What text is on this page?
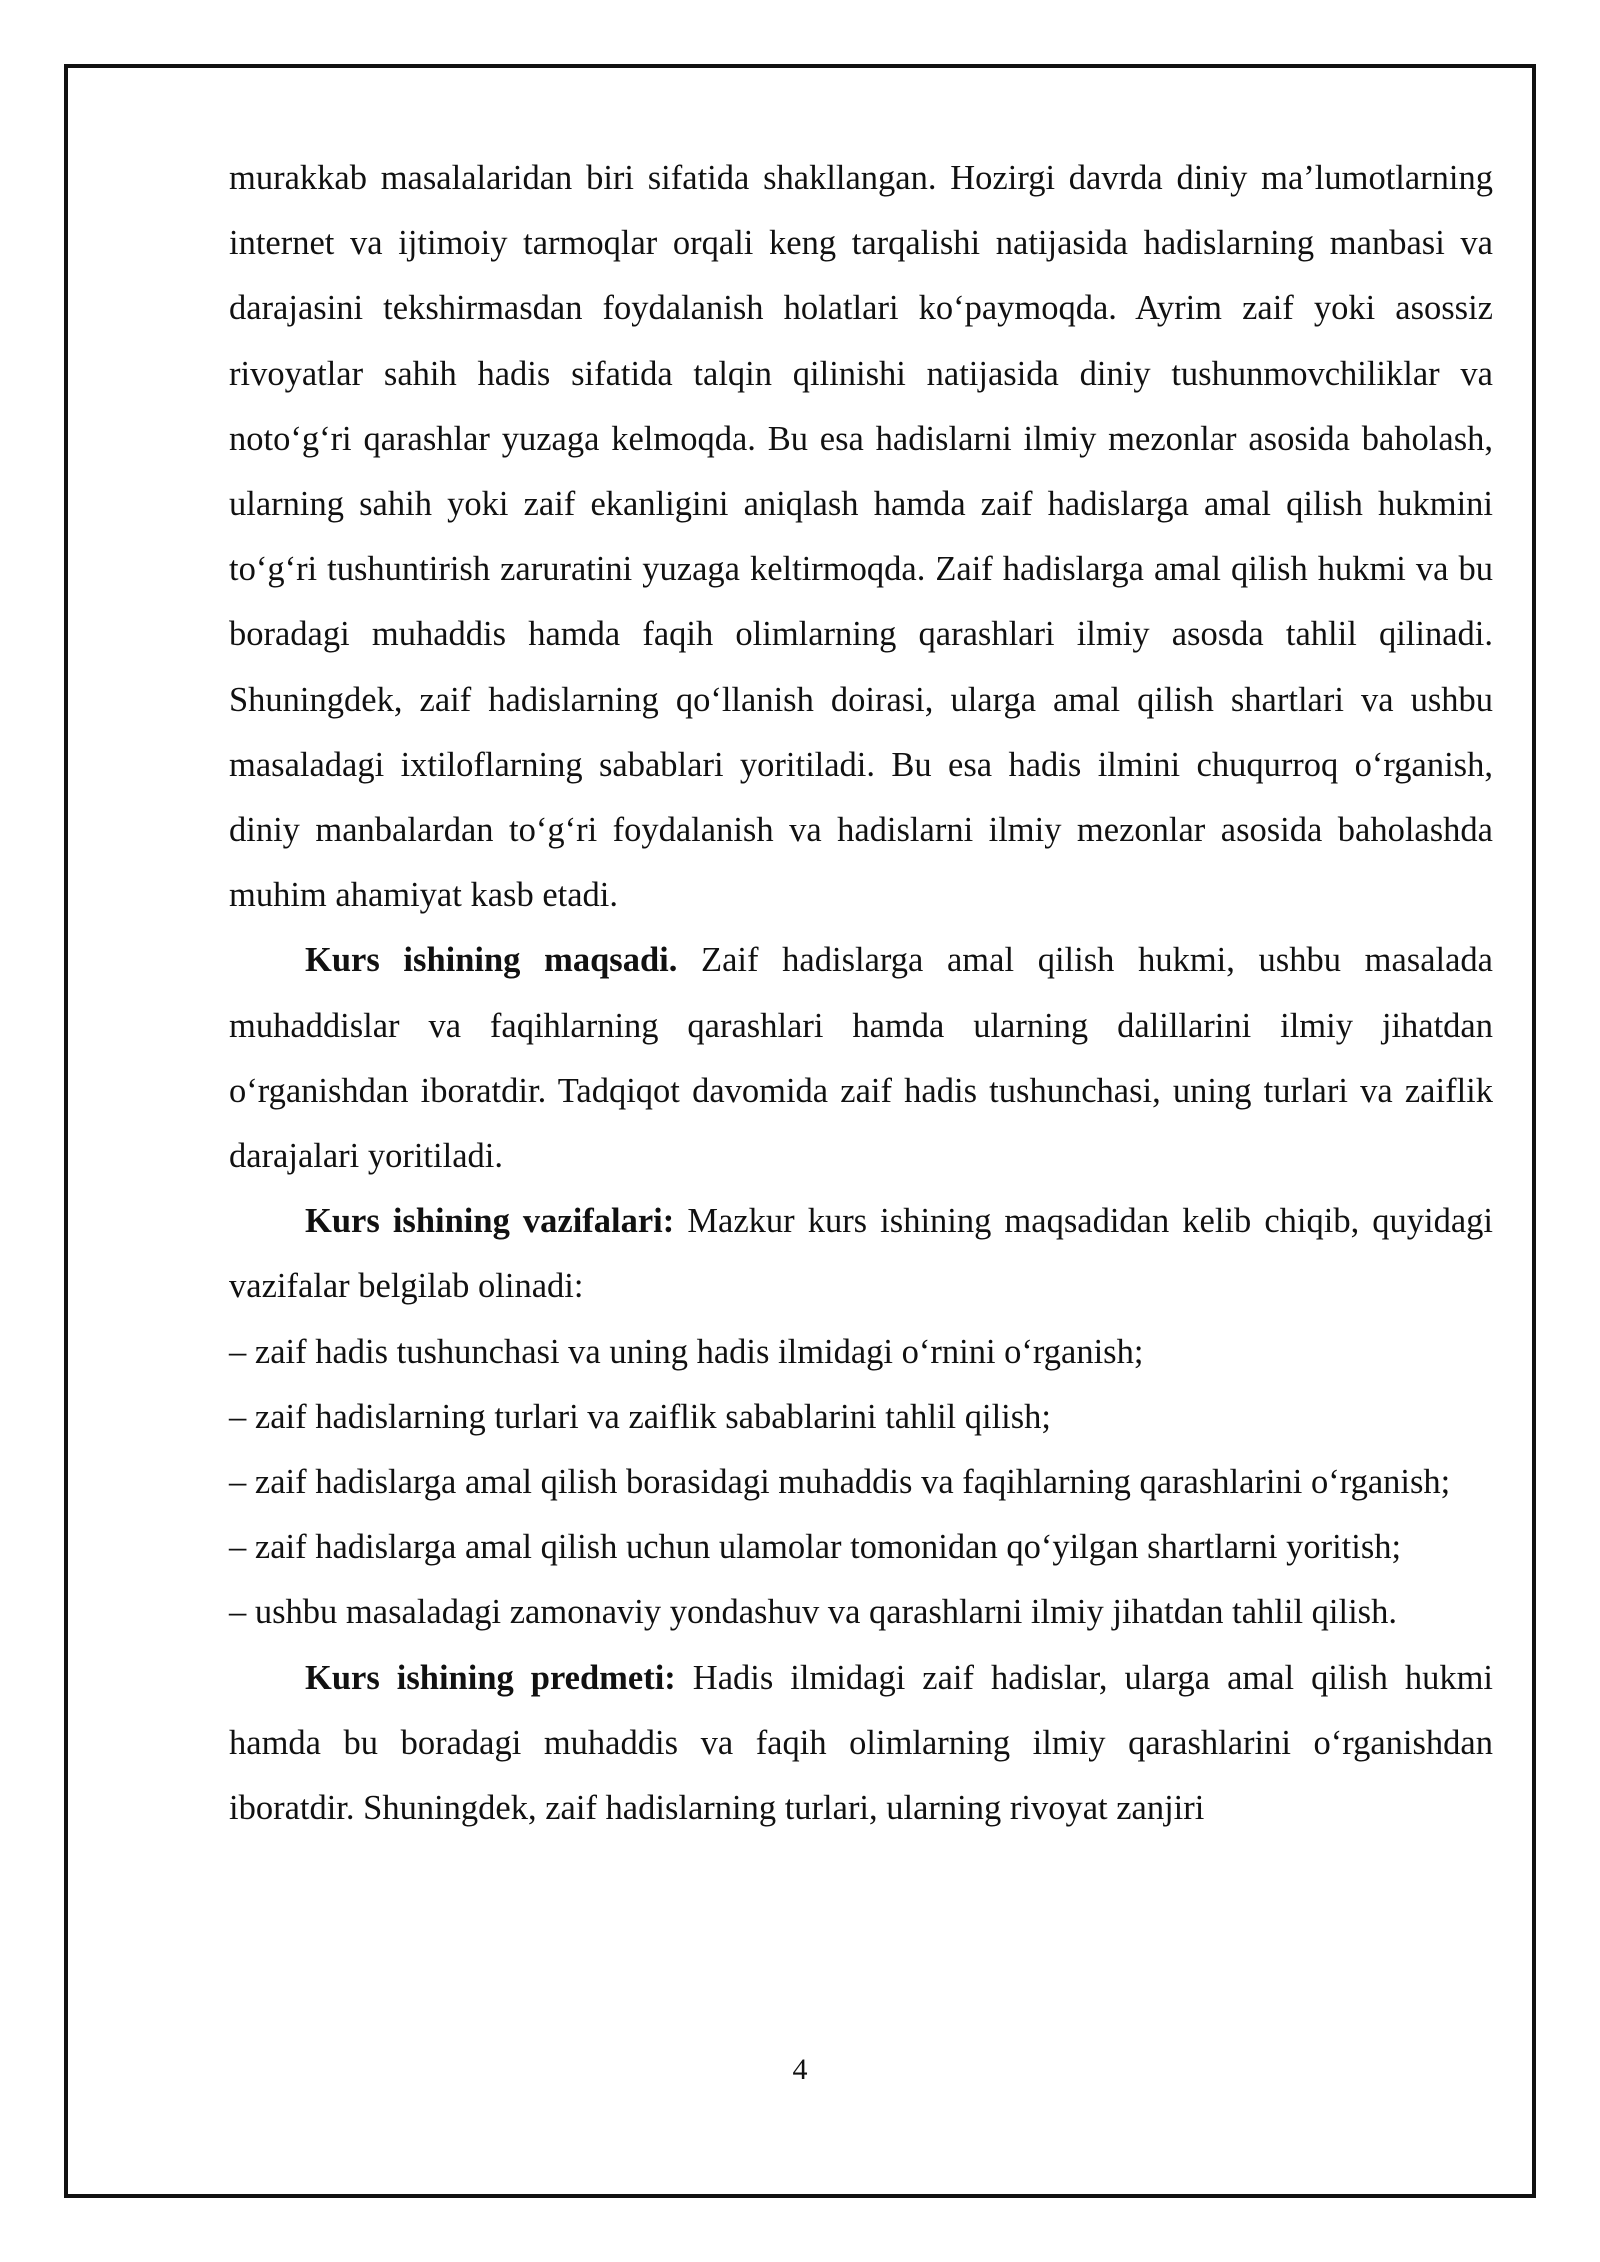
murakkab masalalaridan biri sifatida shakllangan. Hozirgi davrda diniy ma’lumotlarning internet va ijtimoiy tarmoqlar orqali keng tarqalishi natijasida hadislarning manbasi va darajasini tekshirmasdan foydalanish holatlari koʻpaymoqda. Ayrim zaif yoki asossiz rivoyatlar sahih hadis sifatida talqin qilinishi natijasida diniy tushunmovchiliklar va notoʻgʻri qarashlar yuzaga kelmoqda. Bu esa hadislarni ilmiy mezonlar asosida baholash, ularning sahih yoki zaif ekanligini aniqlash hamda zaif hadislarga amal qilish hukmini toʻgʻri tushuntirish zaruratini yuzaga keltirmoqda. Zaif hadislarga amal qilish hukmi va bu boradagi muhaddis hamda faqih olimlarning qarashlari ilmiy asosda tahlil qilinadi. Shuningdek, zaif hadislarning qoʻllanish doirasi, ularga amal qilish shartlari va ushbu masaladagi ixtiloflarning sabablari yoritiladi. Bu esa hadis ilmini chuqurroq oʻrganish, diniy manbalardan toʻgʻri foydalanish va hadislarni ilmiy mezonlar asosida baholashda muhim ahamiyat kasb etadi.

Kurs ishining maqsadi. Zaif hadislarga amal qilish hukmi, ushbu masalada muhaddislar va faqihlarning qarashlari hamda ularning dalillarini ilmiy jihatdan oʻrganishdan iboratdir. Tadqiqot davomida zaif hadis tushunchasi, uning turlari va zaiflik darajalari yoritiladi.

Kurs ishining vazifalari: Mazkur kurs ishining maqsadidan kelib chiqib, quyidagi vazifalar belgilab olinadi:

– zaif hadis tushunchasi va uning hadis ilmidagi oʻrnini oʻrganish;

– zaif hadislarning turlari va zaiflik sabablarini tahlil qilish;

– zaif hadislarga amal qilish borasidagi muhaddis va faqihlarning qarashlarini oʻrganish;

– zaif hadislarga amal qilish uchun ulamolar tomonidan qoʻyilgan shartlarni yoritish;

– ushbu masaladagi zamonaviy yondashuv va qarashlarni ilmiy jihatdan tahlil qilish.

Kurs ishining predmeti: Hadis ilmidagi zaif hadislar, ularga amal qilish hukmi hamda bu boradagi muhaddis va faqih olimlarning ilmiy qarashlarini oʻrganishdan iboratdir. Shuningdek, zaif hadislarning turlari, ularning rivoyat zanjiri

4
